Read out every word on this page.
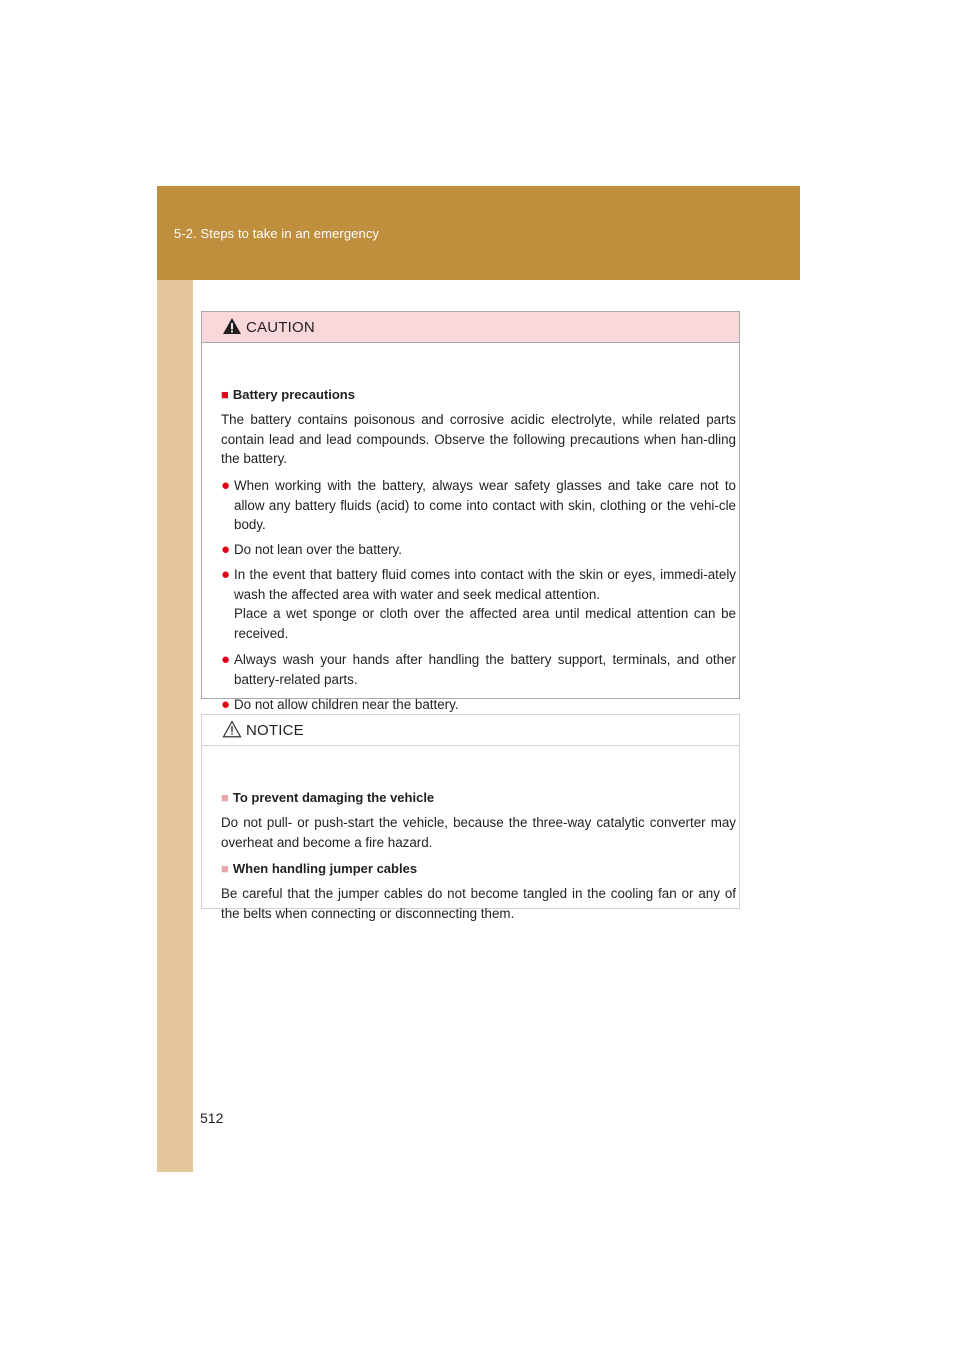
5-2. Steps to take in an emergency
CAUTION
■ Battery precautions
The battery contains poisonous and corrosive acidic electrolyte, while related parts contain lead and lead compounds. Observe the following precautions when han-dling the battery.
● When working with the battery, always wear safety glasses and take care not to allow any battery fluids (acid) to come into contact with skin, clothing or the vehi-cle body.
● Do not lean over the battery.
● In the event that battery fluid comes into contact with the skin or eyes, immedi-ately wash the affected area with water and seek medical attention.
Place a wet sponge or cloth over the affected area until medical attention can be received.
● Always wash your hands after handling the battery support, terminals, and other battery-related parts.
● Do not allow children near the battery.
NOTICE
■ To prevent damaging the vehicle
Do not pull- or push-start the vehicle, because the three-way catalytic converter may overheat and become a fire hazard.
■ When handling jumper cables
Be careful that the jumper cables do not become tangled in the cooling fan or any of the belts when connecting or disconnecting them.
512
